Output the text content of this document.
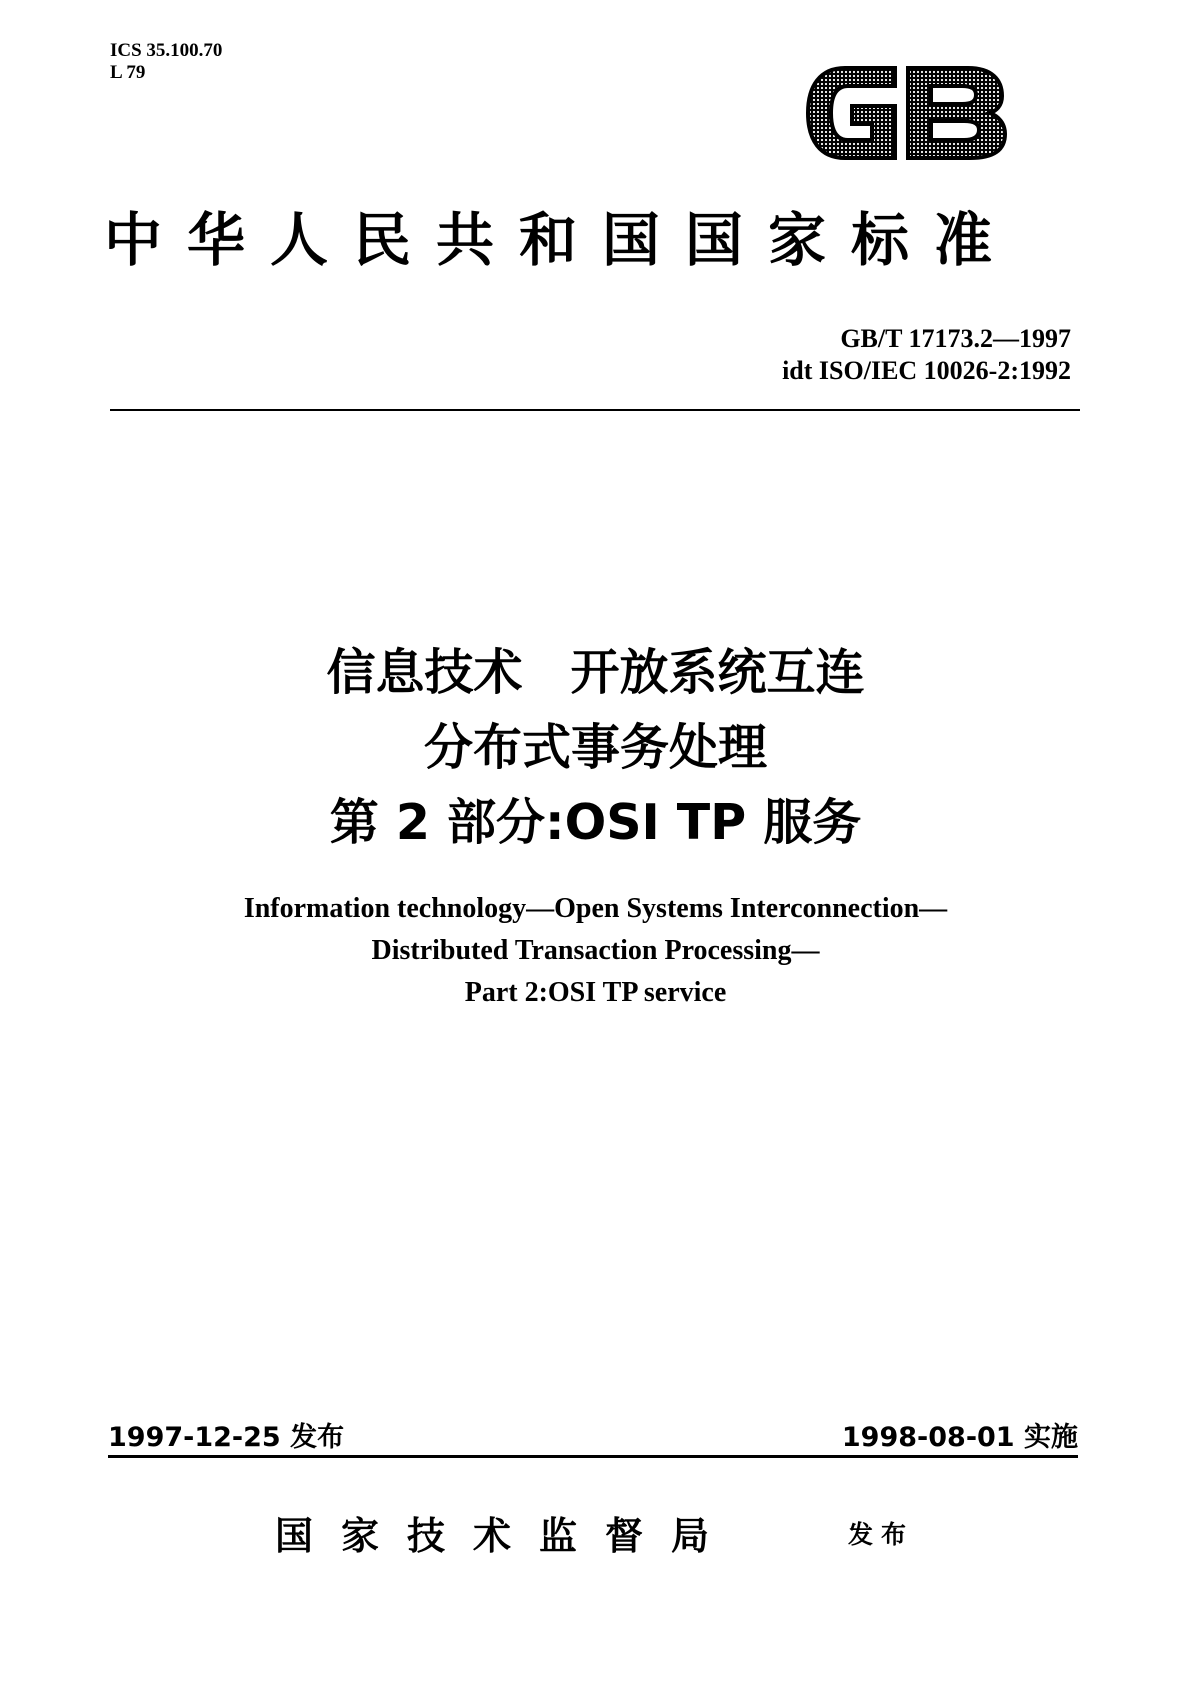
ICS 35.100.70
L 79
中华人民共和国国家标准
GB/T 17173.2—1997
idt ISO/IEC 10026-2:1992
信息技术 开放系统互连
分布式事务处理
第 2 部分:OSI TP 服务
Information technology—Open Systems Interconnection—
Distributed Transaction Processing—
Part 2:OSI TP service
1997-12-25 发布	1998-08-01 实施
国家技术监督局	发布
